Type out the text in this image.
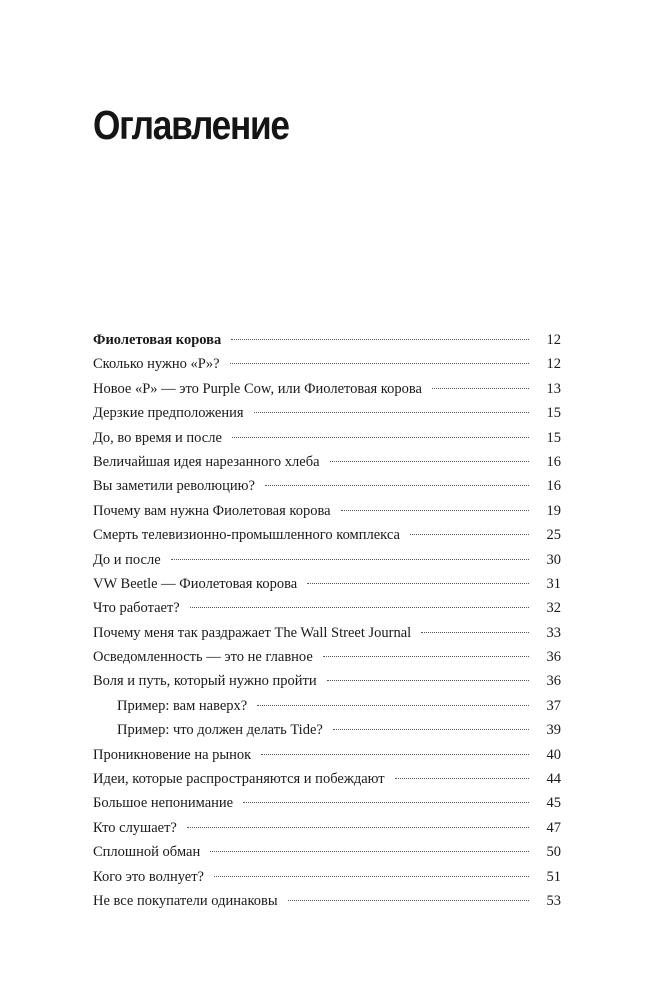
Оглавление
Фиолетовая корова	12
Сколько нужно «P»?	12
Новое «P» — это Purple Cow, или Фиолетовая корова	13
Дерзкие предположения	15
До, во время и после	15
Величайшая идея нарезанного хлеба	16
Вы заметили революцию?	16
Почему вам нужна Фиолетовая корова	19
Смерть телевизионно-промышленного комплекса	25
До и после	30
VW Beetle — Фиолетовая корова	31
Что работает?	32
Почему меня так раздражает The Wall Street Journal	33
Осведомленность — это не главное	36
Воля и путь, который нужно пройти	36
Пример: вам наверх?	37
Пример: что должен делать Tide?	39
Проникновение на рынок	40
Идеи, которые распространяются и побеждают	44
Большое непонимание	45
Кто слушает?	47
Сплошной обман	50
Кого это волнует?	51
Не все покупатели одинаковы	53
